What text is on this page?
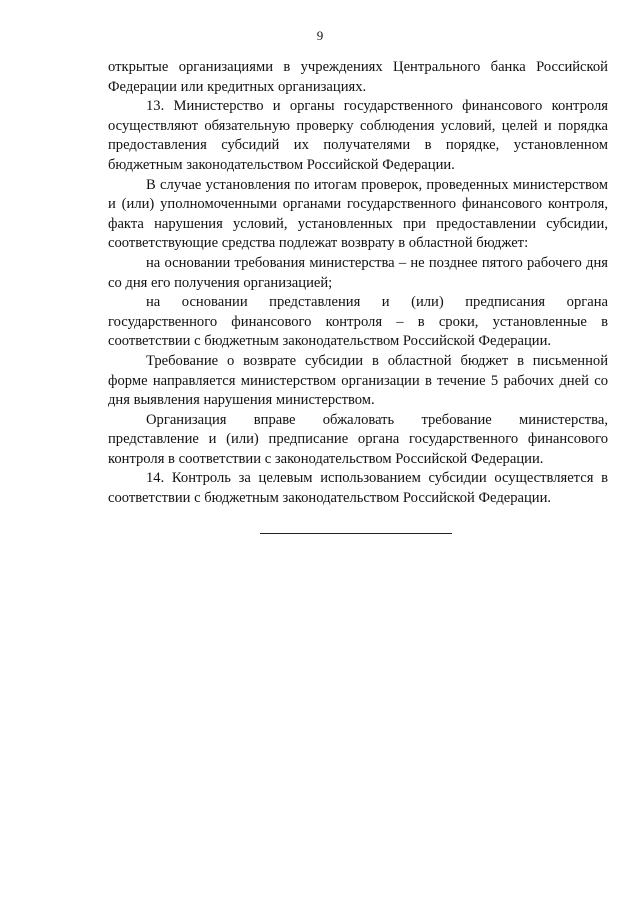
9

открытые организациями в учреждениях Центрального банка Российской Федерации или кредитных организациях.

13. Министерство и органы государственного финансового контроля осуществляют обязательную проверку соблюдения условий, целей и порядка предоставления субсидий их получателями в порядке, установленном бюджетным законодательством Российской Федерации.

В случае установления по итогам проверок, проведенных министерством и (или) уполномоченными органами государственного финансового контроля, факта нарушения условий, установленных при предоставлении субсидии, соответствующие средства подлежат возврату в областной бюджет:

на основании требования министерства – не позднее пятого рабочего дня со дня его получения организацией;

на основании представления и (или) предписания органа государственного финансового контроля – в сроки, установленные в соответствии с бюджетным законодательством Российской Федерации.

Требование о возврате субсидии в областной бюджет в письменной форме направляется министерством организации в течение 5 рабочих дней со дня выявления нарушения министерством.

Организация вправе обжаловать требование министерства, представление и (или) предписание органа государственного финансового контроля в соответствии с законодательством Российской Федерации.

14. Контроль за целевым использованием субсидии осуществляется в соответствии с бюджетным законодательством Российской Федерации.
